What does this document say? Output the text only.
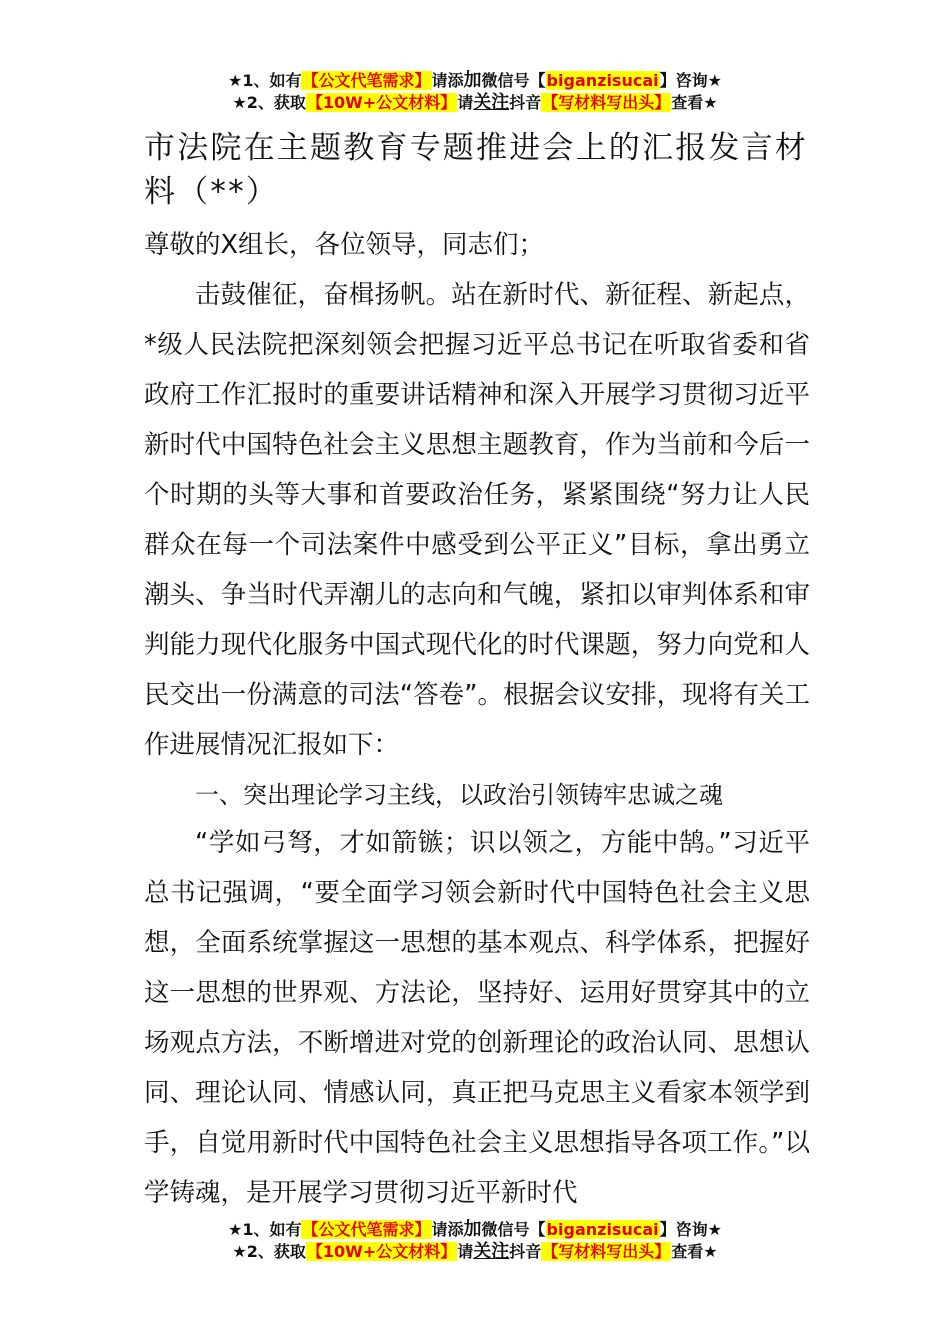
★1、如有【公文代笔需求】请添加微信号【biganzisucai】咨询★
★2、获取【10W+公文材料】请关注抖音【写材料写出头】查看★
市法院在主题教育专题推进会上的汇报发言材料（**）

尊敬的X组长，各位领导，同志们；

击鼓催征，奋楫扬帆。站在新时代、新征程、新起点，*级人民法院把深刻领会把握习近平总书记在听取省委和省政府工作汇报时的重要讲话精神和深入开展学习贯彻习近平新时代中国特色社会主义思想主题教育，作为当前和今后一个时期的头等大事和首要政治任务，紧紧围绕“努力让人民群众在每一个司法案件中感受到公平正义”目标，拿出勇立潮头、争当时代弄潮儿的志向和气魄，紧扣以审判体系和审判能力现代化服务中国式现代化的时代课题，努力向党和人民交出一份满意的司法“答卷”。根据会议安排，现将有关工作进展情况汇报如下：

一、突出理论学习主线，以政治引领铸牢忠诚之魂

“学如弓弩，才如箭镞；识以领之，方能中鹄。”习近平总书记强调，“要全面学习领会新时代中国特色社会主义思想，全面系统掌握这一思想的基本观点、科学体系，把握好这一思想的世界观、方法论，坚持好、运用好贯穿其中的立场观点方法，不断增进对党的创新理论的政治认同、思想认同、理论认同、情感认同，真正把马克思主义看家本领学到手，自觉用新时代中国特色社会主义思想指导各项工作。”以学铸魂，是开展学习贯彻习近平新时代

★1、如有【公文代笔需求】请添加微信号【biganzisucai】咨询★
★2、获取【10W+公文材料】请关注抖音【写材料写出头】查看★
